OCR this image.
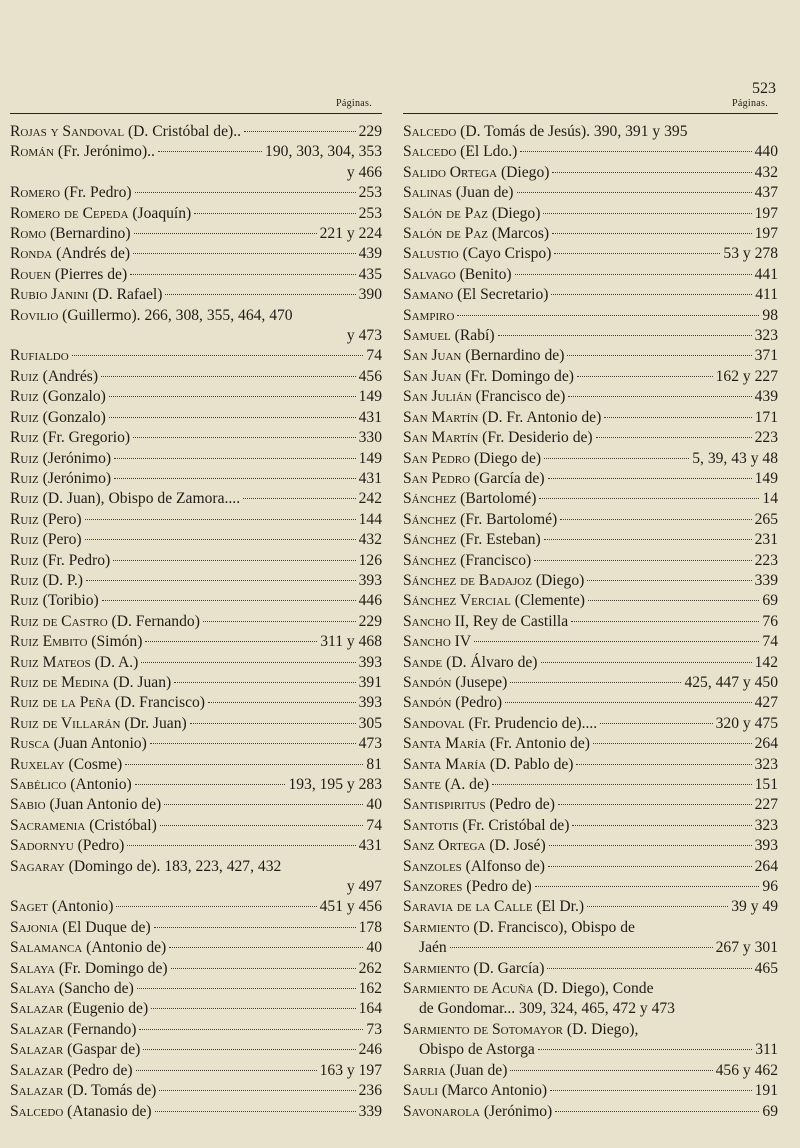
523
Páginas.
Rojas y Sandoval (D. Cristóbal de)..	229
Román (Fr. Jerónimo)..	190, 303, 304, 353
y 466
Romero (Fr. Pedro)	253
Romero de Cepeda (Joaquín)	253
Romo (Bernardino)	221 y 224
Ronda (Andrés de)	439
Rouen (Pierres de)	435
Rubio Janini (D. Rafael)	390
Rovilio (Guillermo). 266, 308, 355, 464, 470
y 473
Rufialdo	74
Ruiz (Andrés)	456
Ruiz (Gonzalo)	149
Ruiz (Gonzalo)	431
Ruiz (Fr. Gregorio)	330
Ruiz (Jerónimo)	149
Ruiz (Jerónimo)	431
Ruiz (D. Juan), Obispo de Zamora....	242
Ruiz (Pero)	144
Ruiz (Pero)	432
Ruiz (Fr. Pedro)	126
Ruiz (D. P.)	393
Ruiz (Toribio)	446
Ruiz de Castro (D. Fernando)	229
Ruiz Embito (Simón)	311 y 468
Ruiz Mateos (D. A.)	393
Ruiz de Medina (D. Juan)	391
Ruiz de la Peña (D. Francisco)	393
Ruiz de Villarán (Dr. Juan)	305
Rusca (Juan Antonio)	473
Ruxelay (Cosme)	81
Sabélico (Antonio)	193, 195 y 283
Sabio (Juan Antonio de)	40
Sacramenia (Cristóbal)	74
Sadornyu (Pedro)	431
Sagaray (Domingo de). 183, 223, 427, 432
y 497
Saget (Antonio)	451 y 456
Sajonia (El Duque de)	178
Salamanca (Antonio de)	40
Salaya (Fr. Domingo de)	262
Salaya (Sancho de)	162
Salazar (Eugenio de)	164
Salazar (Fernando)	73
Salazar (Gaspar de)	246
Salazar (Pedro de)	163 y 197
Salazar (D. Tomás de)	236
Salcedo (Atanasio de)	339
Páginas.
Salcedo (D. Tomás de Jesús). 390, 391 y 395
Salcedo (El Ldo.)	440
Salido Ortega (Diego)	432
Salinas (Juan de)	437
Salón de Paz (Diego)	197
Salón de Paz (Marcos)	197
Salustio (Cayo Crispo)	53 y 278
Salvago (Benito)	441
Samano (El Secretario)	411
Sampiro	98
Samuel (Rabí)	323
San Juan (Bernardino de)	371
San Juan (Fr. Domingo de)	162 y 227
San Julián (Francisco de)	439
San Martín (D. Fr. Antonio de)	171
San Martín (Fr. Desiderio de)	223
San Pedro (Diego de)	5, 39, 43 y 48
San Pedro (García de)	149
Sánchez (Bartolomé)	14
Sánchez (Fr. Bartolomé)	265
Sánchez (Fr. Esteban)	231
Sánchez (Francisco)	223
Sánchez de Badajoz (Diego)	339
Sánchez Vercial (Clemente)	69
Sancho II, Rey de Castilla	76
Sancho IV	74
Sande (D. Álvaro de)	142
Sandón (Jusepe)	425, 447 y 450
Sandón (Pedro)	427
Sandoval (Fr. Prudencio de)....	320 y 475
Santa María (Fr. Antonio de)	264
Santa María (D. Pablo de)	323
Sante (A. de)	151
Santispiritus (Pedro de)	227
Santotis (Fr. Cristóbal de)	323
Sanz Ortega (D. José)	393
Sanzoles (Alfonso de)	264
Sanzores (Pedro de)	96
Saravia de la Calle (El Dr.)	39 y 49
Sarmiento (D. Francisco), Obispo de
Jaén	267 y 301
Sarmiento (D. García)	465
Sarmiento de Acuña (D. Diego), Conde
de Gondomar... 309, 324, 465, 472 y 473
Sarmiento de Sotomayor (D. Diego),
Obispo de Astorga	311
Sarria (Juan de)	456 y 462
Sauli (Marco Antonio)	191
Savonarola (Jerónimo)	69
